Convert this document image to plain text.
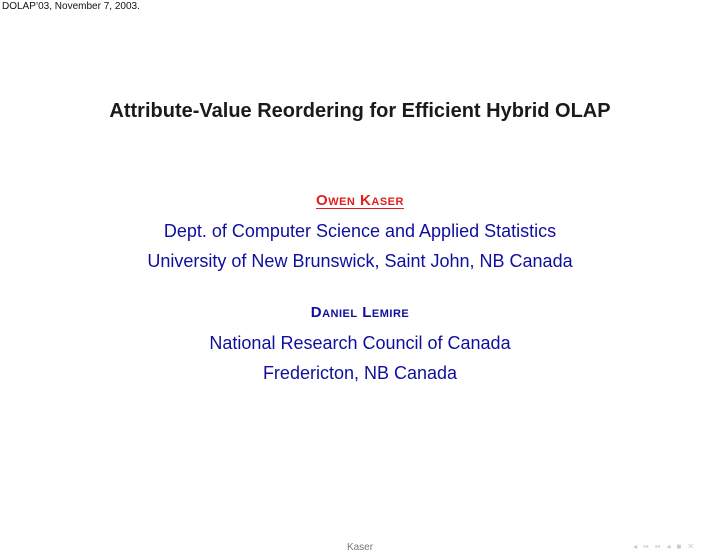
DOLAP’03, November 7, 2003.
Attribute-Value Reordering for Efficient Hybrid OLAP
Owen Kaser
Dept. of Computer Science and Applied Statistics
University of New Brunswick, Saint John, NB Canada
Daniel Lemire
National Research Council of Canada
Fredericton, NB Canada
Kaser	◂ ▪▪ ▪▪ ◂ ■ ✕
